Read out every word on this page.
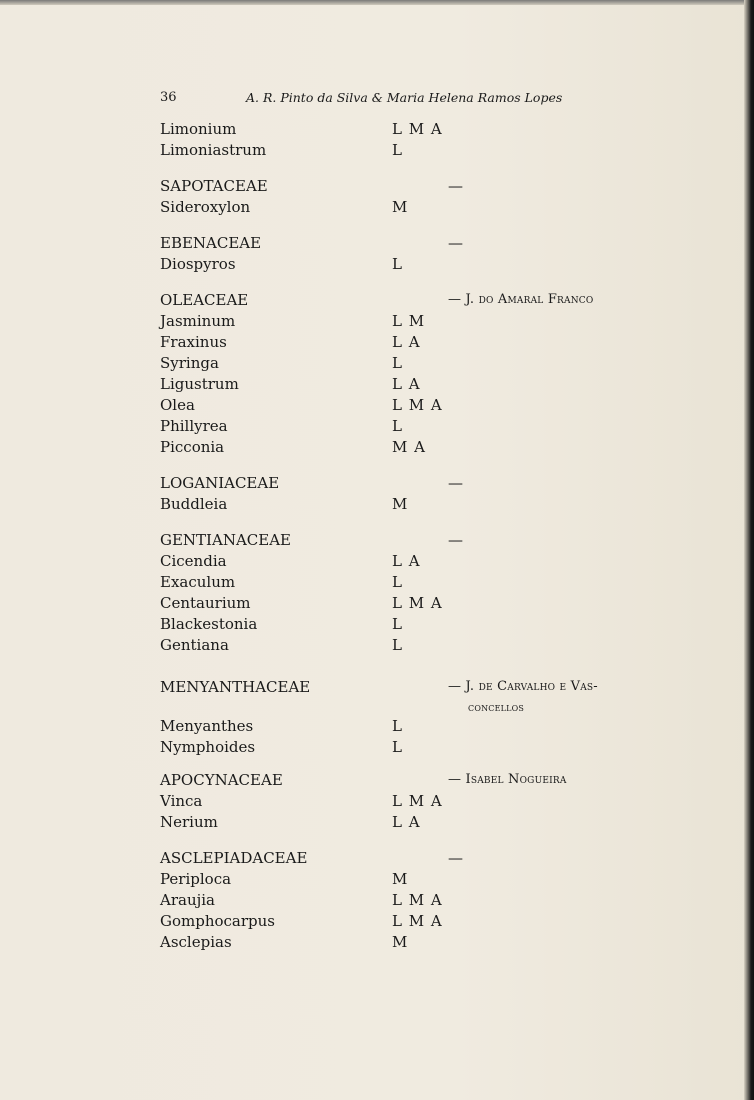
36	A. R. Pinto da Silva & Maria Helena Ramos Lopes
Limonium	L M A
Limoniastrum	L
SAPOTACEAE	—
Sideroxylon	M
EBENACEAE	—
Diospyros	L
OLEACEAE	— J. do Amaral Franco
Jasminum	L M
Fraxinus	L A
Syringa	L
Ligustrum	L A
Olea	L M A
Phillyrea	L
Picconia	M A
LOGANIACEAE	—
Buddleia	M
GENTIANACEAE	—
Cicendia	L A
Exaculum	L
Centaurium	L M A
Blackestonia	L
Gentiana	L
MENYANTHACEAE	— J. de Carvalho e Vas-
concellos
Menyanthes	L
Nymphoides	L
APOCYNACEAE	— Isabel Nogueira
Vinca	L M A
Nerium	L A
ASCLEPIADACEAE	—
Periploca	M
Araujia	L M A
Gomphocarpus	L M A
Asclepias	M
